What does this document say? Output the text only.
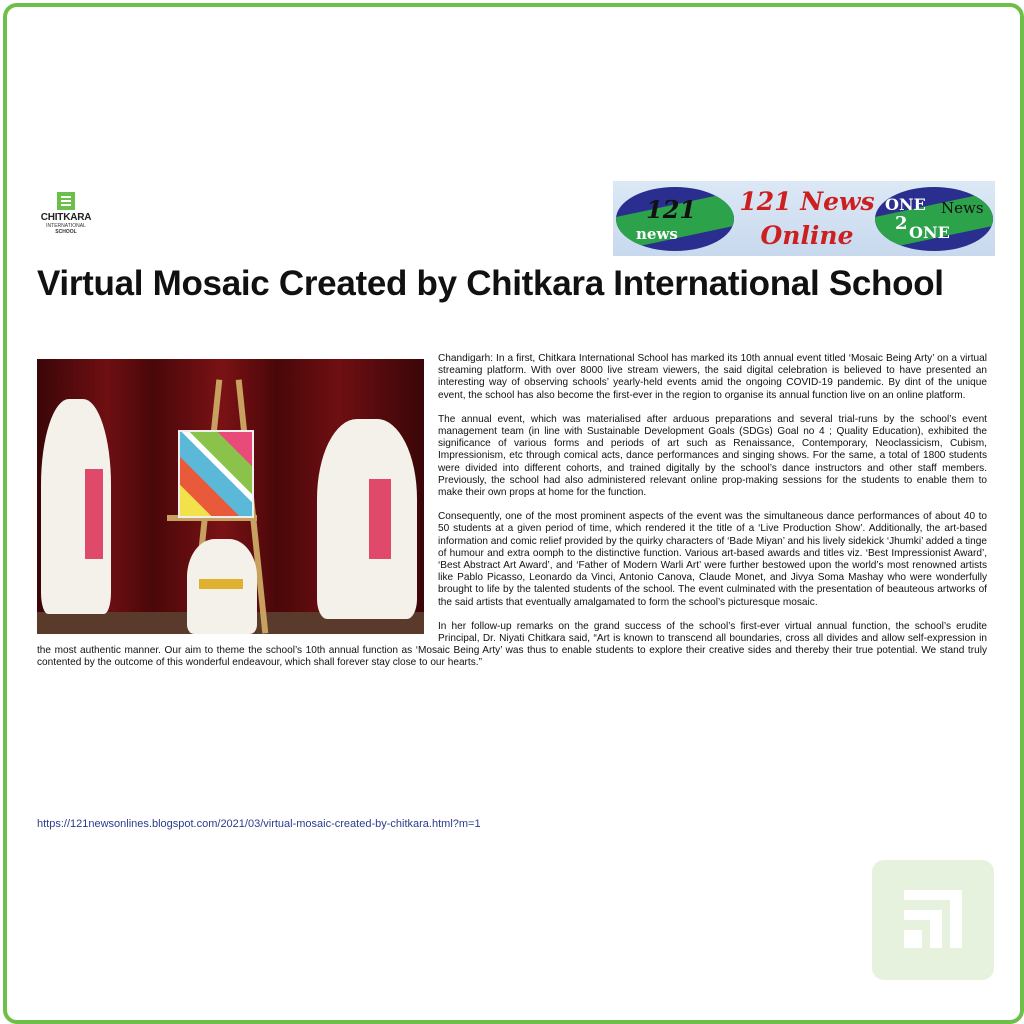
CHITKARA
INTERNATIONAL
SCHOOL
121
news
121 News
Online
ONE
2 ONE
News
Virtual Mosaic Created by Chitkara International School

Chandigarh: In a first, Chitkara International School has marked its 10th annual event titled ‘Mosaic Being Arty’ on a virtual streaming platform. With over 8000 live stream viewers, the said digital celebration is believed to have presented an interesting way of observing schools’ yearly-held events amid the ongoing COVID-19 pandemic. By dint of the unique event, the school has also become the first-ever in the region to organise its annual function live on an online platform.

The annual event, which was materialised after arduous preparations and several trial-runs by the school’s event management team (in line with Sustainable Development Goals (SDGs) Goal no 4 ; Quality Education), exhibited the significance of various forms and periods of art such as Renaissance, Contemporary, Neoclassicism, Cubism, Impressionism, etc through comical acts, dance performances and singing shows. For the same, a total of 1800 students were divided into different cohorts, and trained digitally by the school’s dance instructors and other staff members. Previously, the school had also administered relevant online prop-making sessions for the students to enable them to make their own props at home for the function.

Consequently, one of the most prominent aspects of the event was the simultaneous dance performances of about 40 to 50 students at a given period of time, which rendered it the title of a ‘Live Production Show’. Additionally, the art-based information and comic relief provided by the quirky characters of ‘Bade Miyan’ and his lively sidekick ‘Jhumki’ added a tinge of humour and extra oomph to the distinctive function. Various art-based awards and titles viz. ‘Best Impressionist Award’, ‘Best Abstract Art Award’, and ‘Father of Modern Warli Art’ were further bestowed upon the world’s most renowned artists like Pablo Picasso, Leonardo da Vinci, Antonio Canova, Claude Monet, and Jivya Soma Mashay who were wonderfully brought to life by the talented students of the school. The event culminated with the presentation of beauteous artworks of the said artists that eventually amalgamated to form the school’s picturesque mosaic.

In her follow-up remarks on the grand success of the school’s first-ever virtual annual function, the school’s erudite Principal, Dr. Niyati Chitkara said, “Art is known to transcend all boundaries, cross all divides and allow self-expression in the most authentic manner. Our aim to theme the school’s 10th annual function as ‘Mosaic Being Arty’ was thus to enable students to explore their creative sides and thereby their true potential. We stand truly contented by the outcome of this wonderful endeavour, which shall forever stay close to our hearts.”

https://121newsonlines.blogspot.com/2021/03/virtual-mosaic-created-by-chitkara.html?m=1
